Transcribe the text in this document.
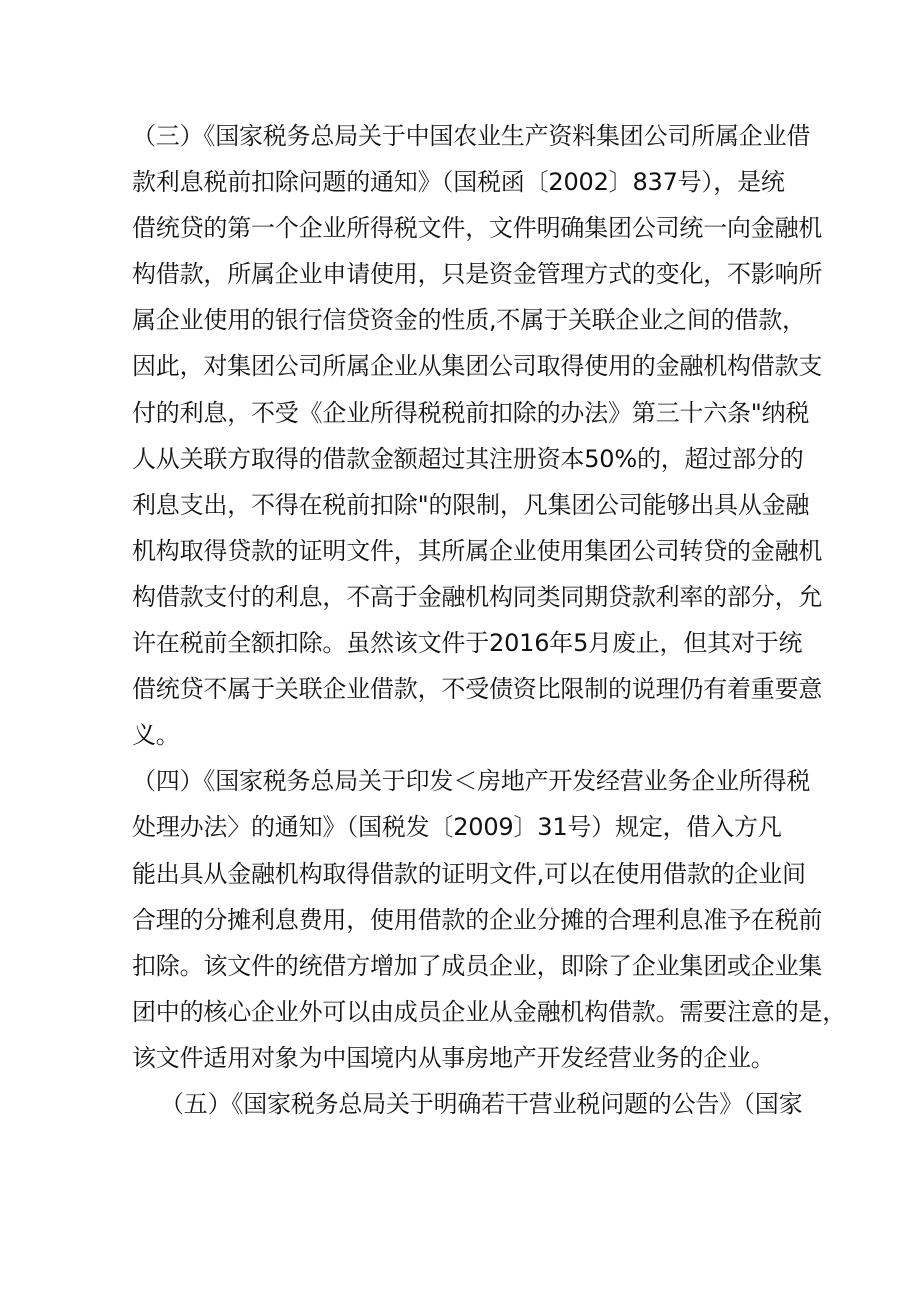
（三）《国家税务总局关于中国农业生产资料集团公司所属企业借
款利息税前扣除问题的通知》（国税函〔2002〕837号），是统
借统贷的第一个企业所得税文件，文件明确集团公司统一向金融机
构借款，所属企业申请使用，只是资金管理方式的变化，不影响所
属企业使用的银行信贷资金的性质,不属于关联企业之间的借款，
因此，对集团公司所属企业从集团公司取得使用的金融机构借款支
付的利息，不受《企业所得税税前扣除的办法》第三十六条"纳税
人从关联方取得的借款金额超过其注册资本50%的，超过部分的
利息支出，不得在税前扣除"的限制，凡集团公司能够出具从金融
机构取得贷款的证明文件，其所属企业使用集团公司转贷的金融机
构借款支付的利息，不高于金融机构同类同期贷款利率的部分，允
许在税前全额扣除。虽然该文件于2016年5月废止，但其对于统
借统贷不属于关联企业借款，不受债资比限制的说理仍有着重要意
义。
（四）《国家税务总局关于印发＜房地产开发经营业务企业所得税
处理办法〉的通知》（国税发〔2009〕31号）规定，借入方凡
能出具从金融机构取得借款的证明文件,可以在使用借款的企业间
合理的分摊利息费用，使用借款的企业分摊的合理利息准予在税前
扣除。该文件的统借方增加了成员企业，即除了企业集团或企业集
团中的核心企业外可以由成员企业从金融机构借款。需要注意的是，
该文件适用对象为中国境内从事房地产开发经营业务的企业。
（五）《国家税务总局关于明确若干营业税问题的公告》（国家
